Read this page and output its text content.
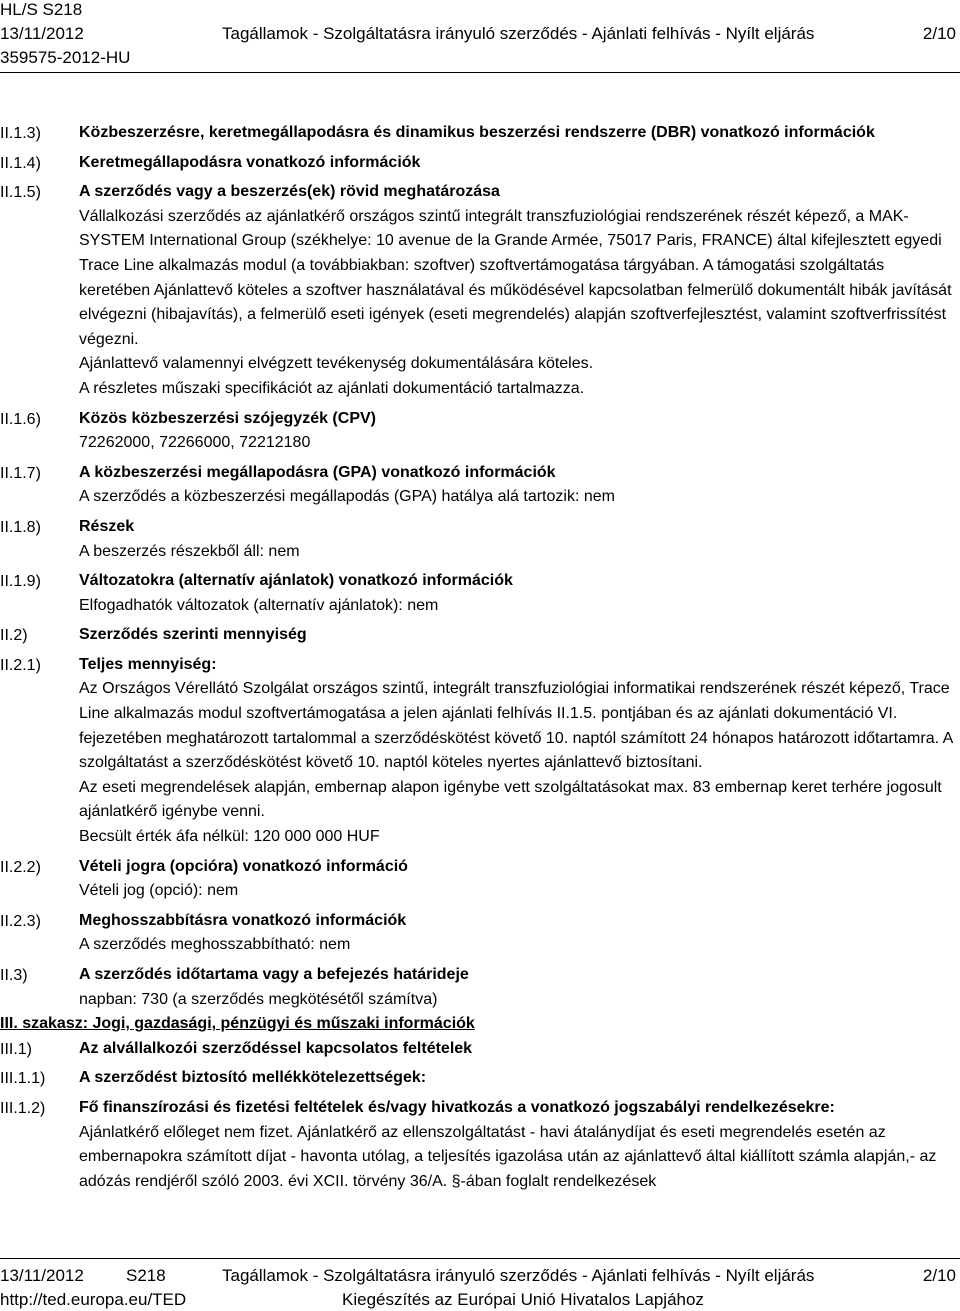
HL/S S218
13/11/2012	Tagállamok - Szolgáltatásra irányuló szerződés - Ajánlati felhívás - Nyílt eljárás	2/10
359575-2012-HU
II.1.3)	Közbeszerzésre, keretmegállapodásra és dinamikus beszerzési rendszerre (DBR) vonatkozó információk
II.1.4)	Keretmegállapodásra vonatkozó információk
II.1.5)	A szerződés vagy a beszerzés(ek) rövid meghatározása
Vállalkozási szerződés az ajánlatkérő országos szintű integrált transzfuziológiai rendszerének részét képező, a MAK-SYSTEM International Group (székhelye: 10 avenue de la Grande Armée, 75017 Paris, FRANCE) által kifejlesztett egyedi Trace Line alkalmazás modul (a továbbiakban: szoftver) szoftvertámogatása tárgyában. A támogatási szolgáltatás keretében Ajánlattevő köteles a szoftver használatával és működésével kapcsolatban felmerülő dokumentált hibák javítását elvégezni (hibajavítás), a felmerülő eseti igények (eseti megrendelés) alapján szoftverfejlesztést, valamint szoftverfrissítést végezni.
Ajánlattevő valamennyi elvégzett tevékenység dokumentálására köteles.
A részletes műszaki specifikációt az ajánlati dokumentáció tartalmazza.
II.1.6)	Közös közbeszerzési szójegyzék (CPV)
72262000, 72266000, 72212180
II.1.7)	A közbeszerzési megállapodásra (GPA) vonatkozó információk
A szerződés a közbeszerzési megállapodás (GPA) hatálya alá tartozik: nem
II.1.8)	Részek
A beszerzés részekből áll: nem
II.1.9)	Változatokra (alternatív ajánlatok) vonatkozó információk
Elfogadhatók változatok (alternatív ajánlatok): nem
II.2)	Szerződés szerinti mennyiség
II.2.1)	Teljes mennyiség:
Az Országos Vérellátó Szolgálat országos szintű, integrált transzfuziológiai informatikai rendszerének részét képező, Trace Line alkalmazás modul szoftvertámogatása a jelen ajánlati felhívás II.1.5. pontjában és az ajánlati dokumentáció VI. fejezetében meghatározott tartalommal a szerződéskötést követő 10. naptól számított 24 hónapos határozott időtartamra. A szolgáltatást a szerződéskötést követő 10. naptól köteles nyertes ajánlattevő biztosítani.
Az eseti megrendelések alapján, embernap alapon igénybe vett szolgáltatásokat max. 83 embernap keret terhére jogosult ajánlatkérő igénybe venni.
Becsült érték áfa nélkül: 120 000 000 HUF
II.2.2)	Vételi jogra (opcióra) vonatkozó információ
Vételi jog (opció): nem
II.2.3)	Meghosszabbításra vonatkozó információk
A szerződés meghosszabbítható: nem
II.3)	A szerződés időtartama vagy a befejezés határideje
napban: 730 (a szerződés megkötésétől számítva)
III. szakasz: Jogi, gazdasági, pénzügyi és műszaki információk
III.1)	Az alvállalkozói szerződéssel kapcsolatos feltételek
III.1.1)	A szerződést biztosító mellékkötelezettségek:
III.1.2)	Fő finanszírozási és fizetési feltételek és/vagy hivatkozás a vonatkozó jogszabályi rendelkezésekre:
Ajánlatkérő előleget nem fizet. Ajánlatkérő az ellenszolgáltatást - havi átalánydíjat és eseti megrendelés esetén az embernapokra számított díjat - havonta utólag, a teljesítés igazolása után az ajánlattevő által kiállított számla alapján,- az adózás rendjéről szóló 2003. évi XCII. törvény 36/A. §-ában foglalt rendelkezések
13/11/2012 S218	Tagállamok - Szolgáltatásra irányuló szerződés - Ajánlati felhívás - Nyílt eljárás	2/10
http://ted.europa.eu/TED	Kiegészítés az Európai Unió Hivatalos Lapjához
